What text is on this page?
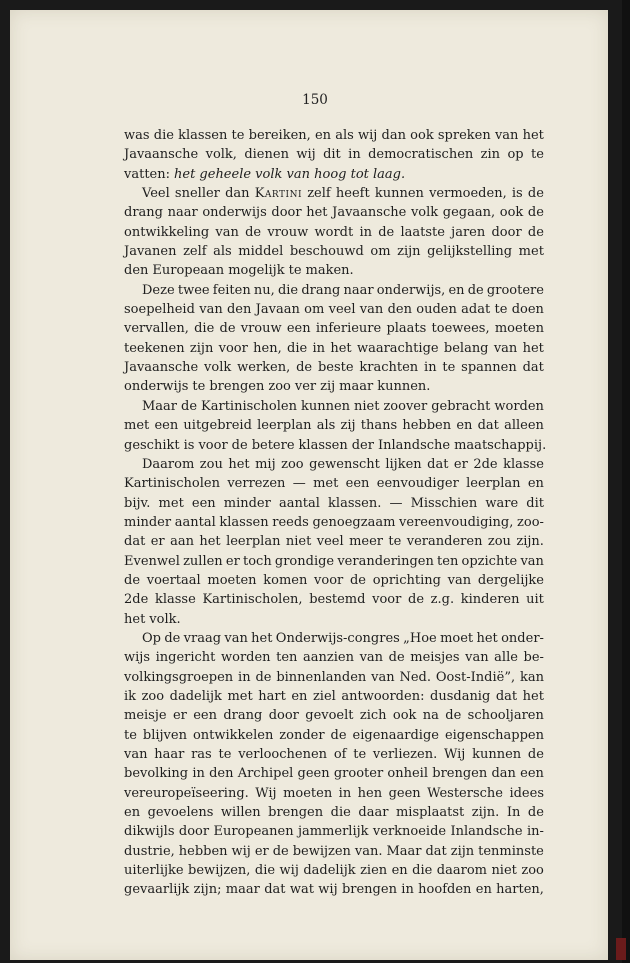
150
was die klassen te bereiken, en als wij dan ook spreken van het
Javaansche volk, dienen wij dit in democratischen zin op te
vatten: het geheele volk van hoog tot laag.
Veel sneller dan Kartini zelf heeft kunnen vermoeden, is de
drang naar onderwijs door het Javaansche volk gegaan, ook de
ontwikkeling van de vrouw wordt in de laatste jaren door de
Javanen zelf als middel beschouwd om zijn gelijkstelling met
den Europeaan mogelijk te maken.
Deze twee feiten nu, die drang naar onderwijs, en de grootere
soepelheid van den Javaan om veel van den ouden adat te doen
vervallen, die de vrouw een inferieure plaats toewees, moeten
teekenen zijn voor hen, die in het waarachtige belang van het
Javaansche volk werken, de beste krachten in te spannen dat
onderwijs te brengen zoo ver zij maar kunnen.
Maar de Kartinischolen kunnen niet zoover gebracht worden
met een uitgebreid leerplan als zij thans hebben en dat alleen
geschikt is voor de betere klassen der Inlandsche maatschappij.
Daarom zou het mij zoo gewenscht lijken dat er 2de klasse
Kartinischolen verrezen — met een eenvoudiger leerplan en
bijv. met een minder aantal klassen. — Misschien ware dit
minder aantal klassen reeds genoegzaam vereenvoudiging, zoo-
dat er aan het leerplan niet veel meer te veranderen zou zijn.
Evenwel zullen er toch grondige veranderingen ten opzichte van
de voertaal moeten komen voor de oprichting van dergelijke
2de klasse Kartinischolen, bestemd voor de z.g. kinderen uit
het volk.
Op de vraag van het Onderwijs-congres „Hoe moet het onder-
wijs ingericht worden ten aanzien van de meisjes van alle be-
volkingsgroepen in de binnenlanden van Ned. Oost-Indië”, kan
ik zoo dadelijk met hart en ziel antwoorden: dusdanig dat het
meisje er een drang door gevoelt zich ook na de schooljaren
te blijven ontwikkelen zonder de eigenaardige eigenschappen
van haar ras te verloochenen of te verliezen. Wij kunnen de
bevolking in den Archipel geen grooter onheil brengen dan een
vereuropeïseering. Wij moeten in hen geen Westersche idees
en gevoelens willen brengen die daar misplaatst zijn. In de
dikwijls door Europeanen jammerlijk verknoeide Inlandsche in-
dustrie, hebben wij er de bewijzen van. Maar dat zijn tenminste
uiterlijke bewijzen, die wij dadelijk zien en die daarom niet zoo
gevaarlijk zijn; maar dat wat wij brengen in hoofden en harten,
